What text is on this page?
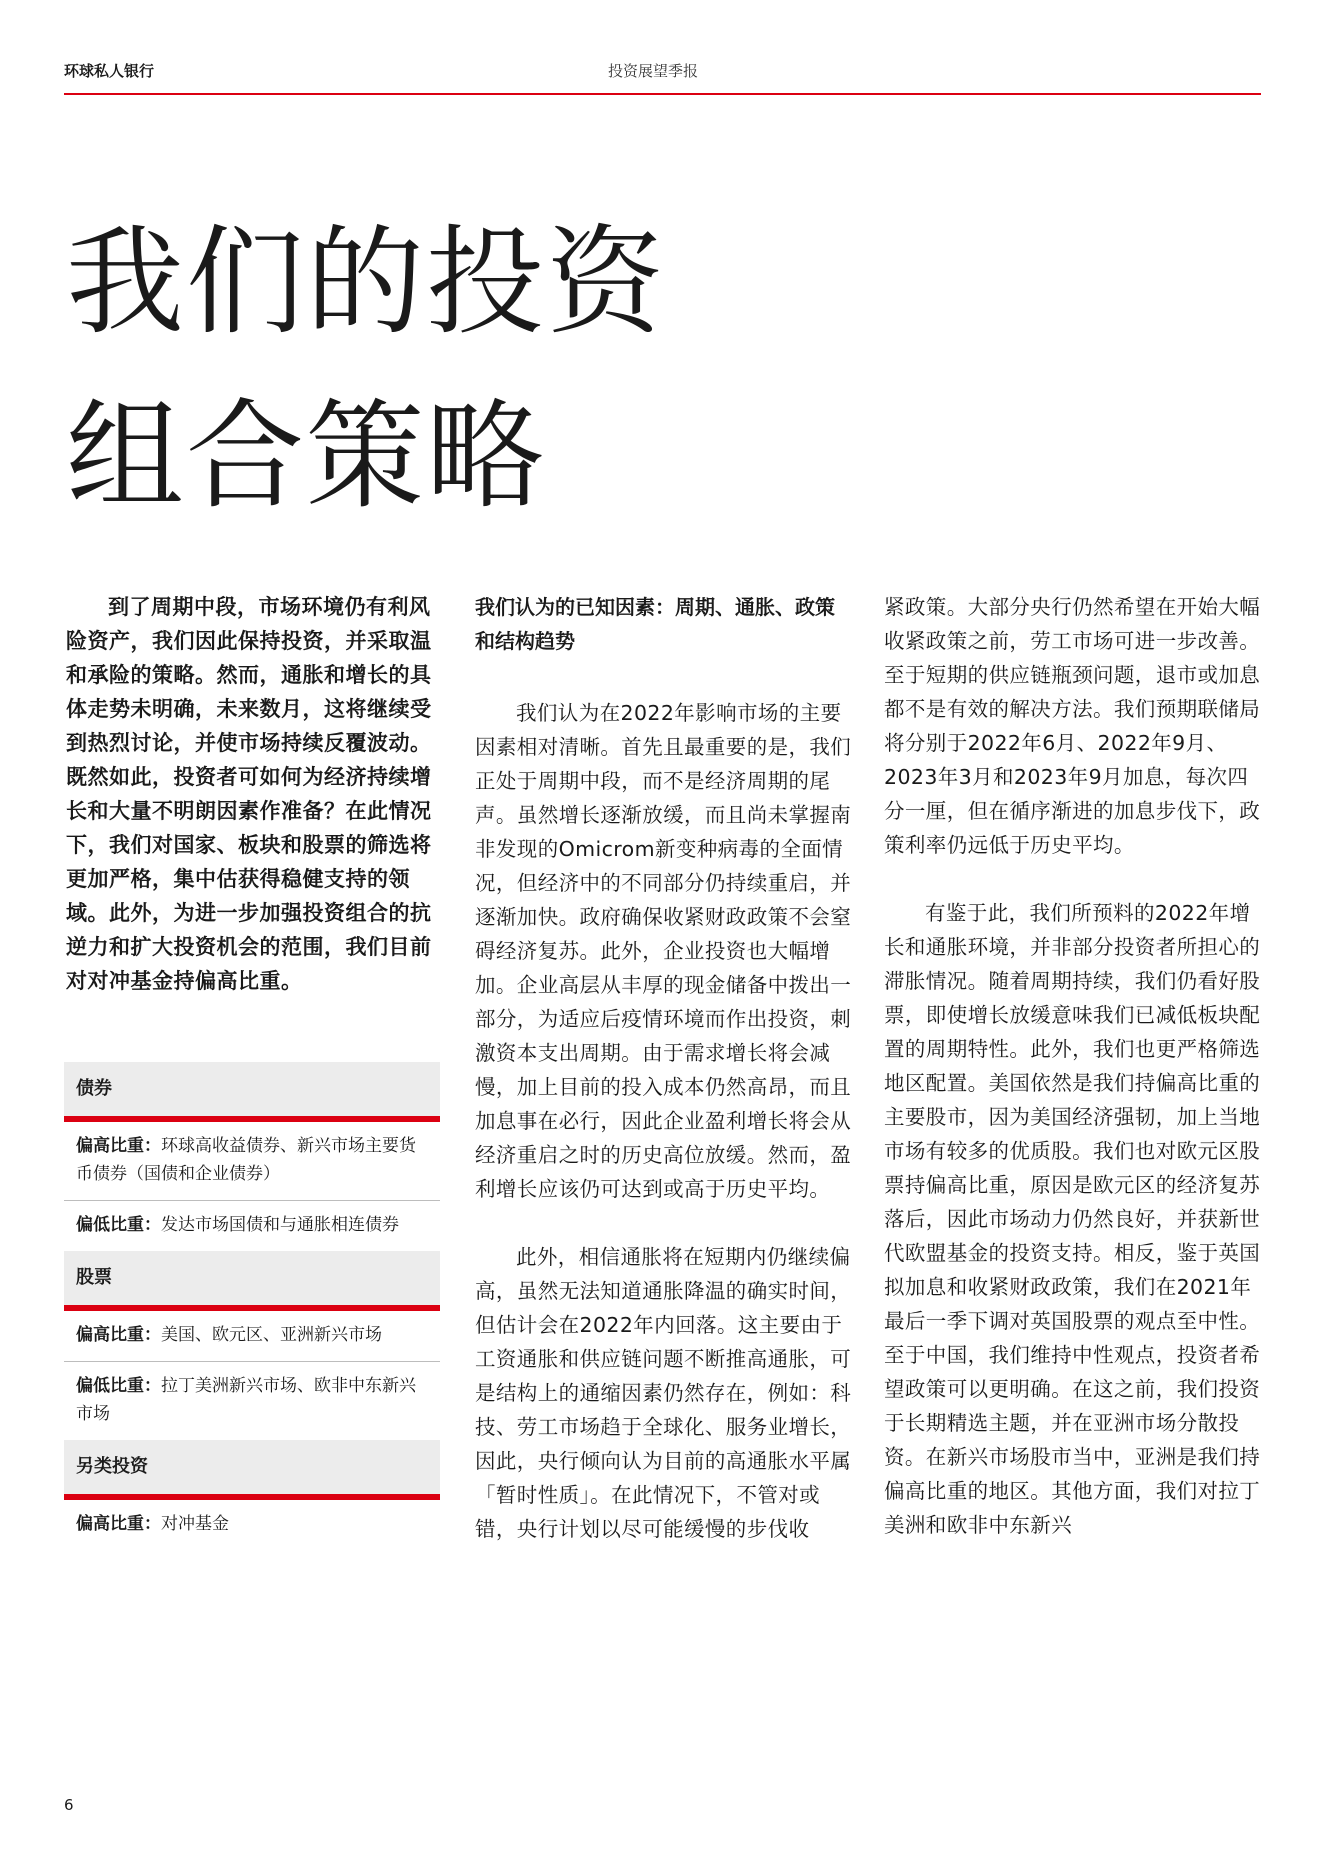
环球私人银行	投资展望季报
我们的投资
组合策略

到了周期中段，市场环境仍有利风险资产，我们因此保持投资，并采取温和承险的策略。然而，通胀和增长的具体走势未明确，未来数月，这将继续受到热烈讨论，并使市场持续反覆波动。既然如此，投资者可如何为经济持续增长和大量不明朗因素作准备？在此情况下，我们对国家、板块和股票的筛选将更加严格，集中估获得稳健支持的领域。此外，为进一步加强投资组合的抗逆力和扩大投资机会的范围，我们目前对对冲基金持偏高比重。

债券
偏高比重：环球高收益债券、新兴市场主要货币债券（国债和企业债券）
偏低比重：发达市场国债和与通胀相连债券
股票
偏高比重：美国、欧元区、亚洲新兴市场
偏低比重：拉丁美洲新兴市场、欧非中东新兴市场
另类投资
偏高比重：对冲基金
我们认为的已知因素：周期、通胀、政策和结构趋势

我们认为在2022年影响市场的主要因素相对清晰。首先且最重要的是，我们正处于周期中段，而不是经济周期的尾声。虽然增长逐渐放缓，而且尚未掌握南非发现的Omicrom新变种病毒的全面情况，但经济中的不同部分仍持续重启，并逐渐加快。政府确保收紧财政政策不会窒碍经济复苏。此外，企业投资也大幅增加。企业高层从丰厚的现金储备中拨出一部分，为适应后疫情环境而作出投资，刺激资本支出周期。由于需求增长将会减慢，加上目前的投入成本仍然高昂，而且加息事在必行，因此企业盈利增长将会从经济重启之时的历史高位放缓。然而，盈利增长应该仍可达到或高于历史平均。

此外，相信通胀将在短期内仍继续偏高，虽然无法知道通胀降温的确实时间，但估计会在2022年内回落。这主要由于工资通胀和供应链问题不断推高通胀，可是结构上的通缩因素仍然存在，例如：科技、劳工市场趋于全球化、服务业增长，因此，央行倾向认为目前的高通胀水平属「暂时性质」。在此情况下，不管对或错，央行计划以尽可能缓慢的步伐收

紧政策。大部分央行仍然希望在开始大幅收紧政策之前，劳工市场可进一步改善。至于短期的供应链瓶颈问题，退市或加息都不是有效的解决方法。我们预期联储局将分别于2022年6月、2022年9月、2023年3月和2023年9月加息，每次四分一厘，但在循序渐进的加息步伐下，政策利率仍远低于历史平均。

有鉴于此，我们所预料的2022年增长和通胀环境，并非部分投资者所担心的滞胀情况。随着周期持续，我们仍看好股票，即使增长放缓意味我们已减低板块配置的周期特性。此外，我们也更严格筛选地区配置。美国依然是我们持偏高比重的主要股市，因为美国经济强韧，加上当地市场有较多的优质股。我们也对欧元区股票持偏高比重，原因是欧元区的经济复苏落后，因此市场动力仍然良好，并获新世代欧盟基金的投资支持。相反，鉴于英国拟加息和收紧财政政策，我们在2021年最后一季下调对英国股票的观点至中性。至于中国，我们维持中性观点，投资者希望政策可以更明确。在这之前，我们投资于长期精选主题，并在亚洲市场分散投资。在新兴市场股市当中，亚洲是我们持偏高比重的地区。其他方面，我们对拉丁美洲和欧非中东新兴

6
